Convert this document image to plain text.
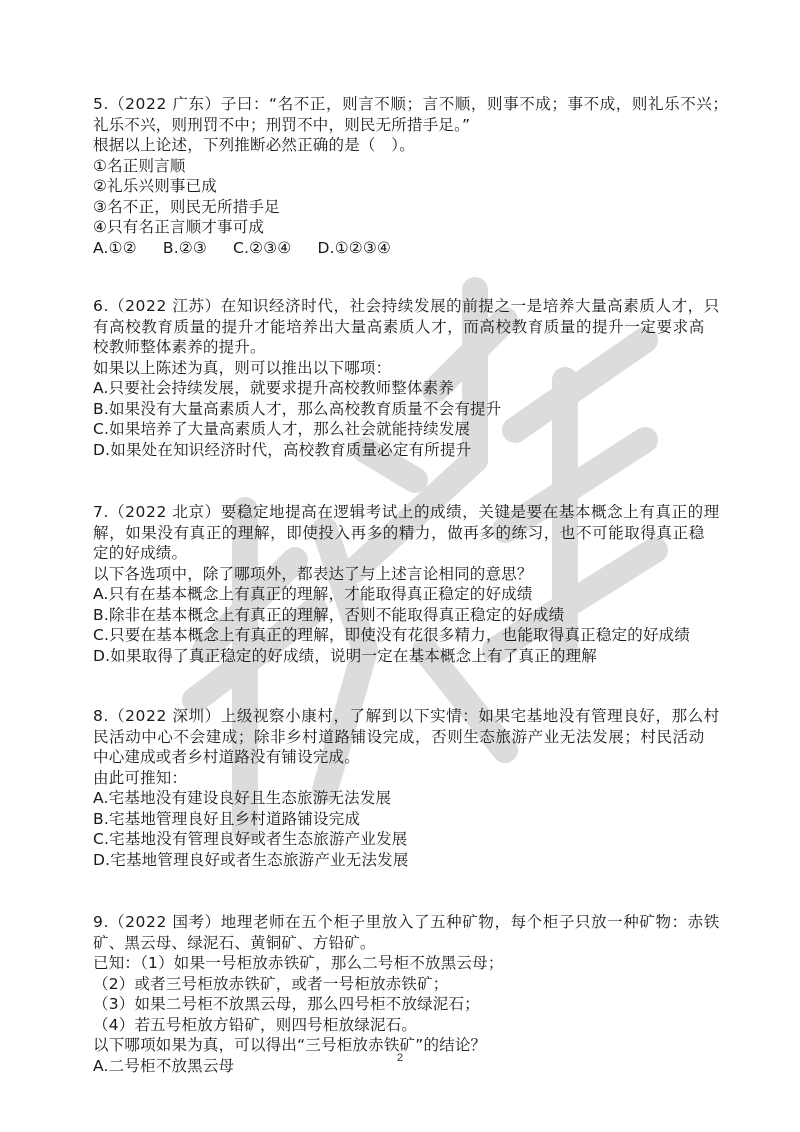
5.（2022 广东）子曰：“名不正，则言不顺；言不顺，则事不成；事不成，则礼乐不兴；
礼乐不兴，则刑罚不中；刑罚不中，则民无所措手足。”
根据以上论述，下列推断必然正确的是（　）。
①名正则言顺
②礼乐兴则事已成
③名不正，则民无所措手足
④只有名正言顺才事可成
A.①② B.②③ C.②③④ D.①②③④
6.（2022 江苏）在知识经济时代，社会持续发展的前提之一是培养大量高素质人才，只
有高校教育质量的提升才能培养出大量高素质人才，而高校教育质量的提升一定要求高
校教师整体素养的提升。
如果以上陈述为真，则可以推出以下哪项：
A.只要社会持续发展，就要求提升高校教师整体素养
B.如果没有大量高素质人才，那么高校教育质量不会有提升
C.如果培养了大量高素质人才，那么社会就能持续发展
D.如果处在知识经济时代，高校教育质量必定有所提升
7.（2022 北京）要稳定地提高在逻辑考试上的成绩，关键是要在基本概念上有真正的理
解，如果没有真正的理解，即使投入再多的精力，做再多的练习，也不可能取得真正稳
定的好成绩。
以下各选项中，除了哪项外，都表达了与上述言论相同的意思？
A.只有在基本概念上有真正的理解，才能取得真正稳定的好成绩
B.除非在基本概念上有真正的理解，否则不能取得真正稳定的好成绩
C.只要在基本概念上有真正的理解，即使没有花很多精力，也能取得真正稳定的好成绩
D.如果取得了真正稳定的好成绩，说明一定在基本概念上有了真正的理解
8.（2022 深圳）上级视察小康村，了解到以下实情：如果宅基地没有管理良好，那么村
民活动中心不会建成；除非乡村道路铺设完成，否则生态旅游产业无法发展；村民活动
中心建成或者乡村道路没有铺设完成。
由此可推知：
A.宅基地没有建设良好且生态旅游无法发展
B.宅基地管理良好且乡村道路铺设完成
C.宅基地没有管理良好或者生态旅游产业发展
D.宅基地管理良好或者生态旅游产业无法发展
9.（2022 国考）地理老师在五个柜子里放入了五种矿物，每个柜子只放一种矿物：赤铁
矿、黑云母、绿泥石、黄铜矿、方铅矿。
已知：（1）如果一号柜放赤铁矿，那么二号柜不放黑云母；
（2）或者三号柜放赤铁矿，或者一号柜放赤铁矿；
（3）如果二号柜不放黑云母，那么四号柜不放绿泥石；
（4）若五号柜放方铅矿，则四号柜放绿泥石。
以下哪项如果为真，可以得出“三号柜放赤铁矿”的结论？
A.二号柜不放黑云母	2
